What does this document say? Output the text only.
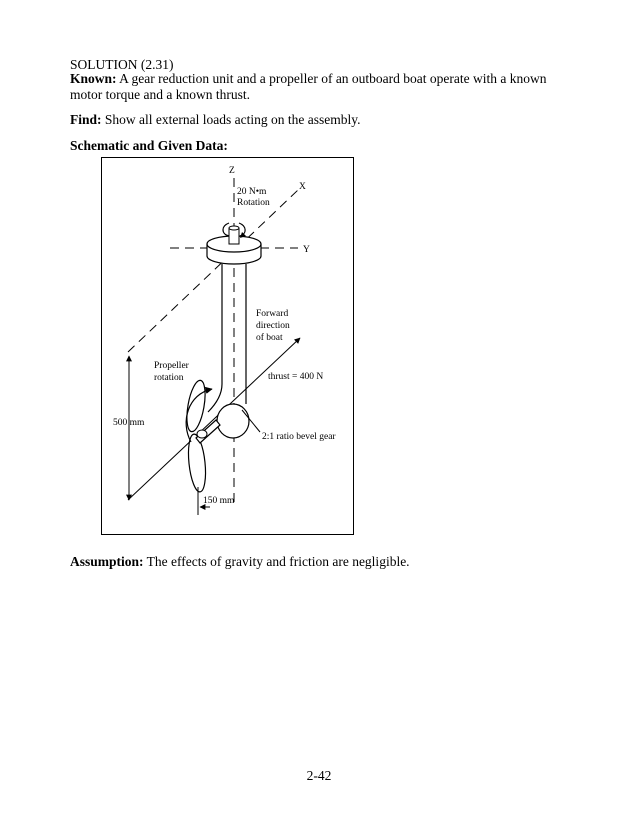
SOLUTION (2.31)
Known: A gear reduction unit and a propeller of an outboard boat operate with a known motor torque and a known thrust.
Find: Show all external loads acting on the assembly.
Schematic and Given Data:
Z
X
Y
20 N•m
Rotation
Forward
direction
of boat
Propeller
rotation	thrust = 400 N
500 mm
2:1 ratio bevel gear
150 mm
Assumption: The effects of gravity and friction are negligible.
2-42
